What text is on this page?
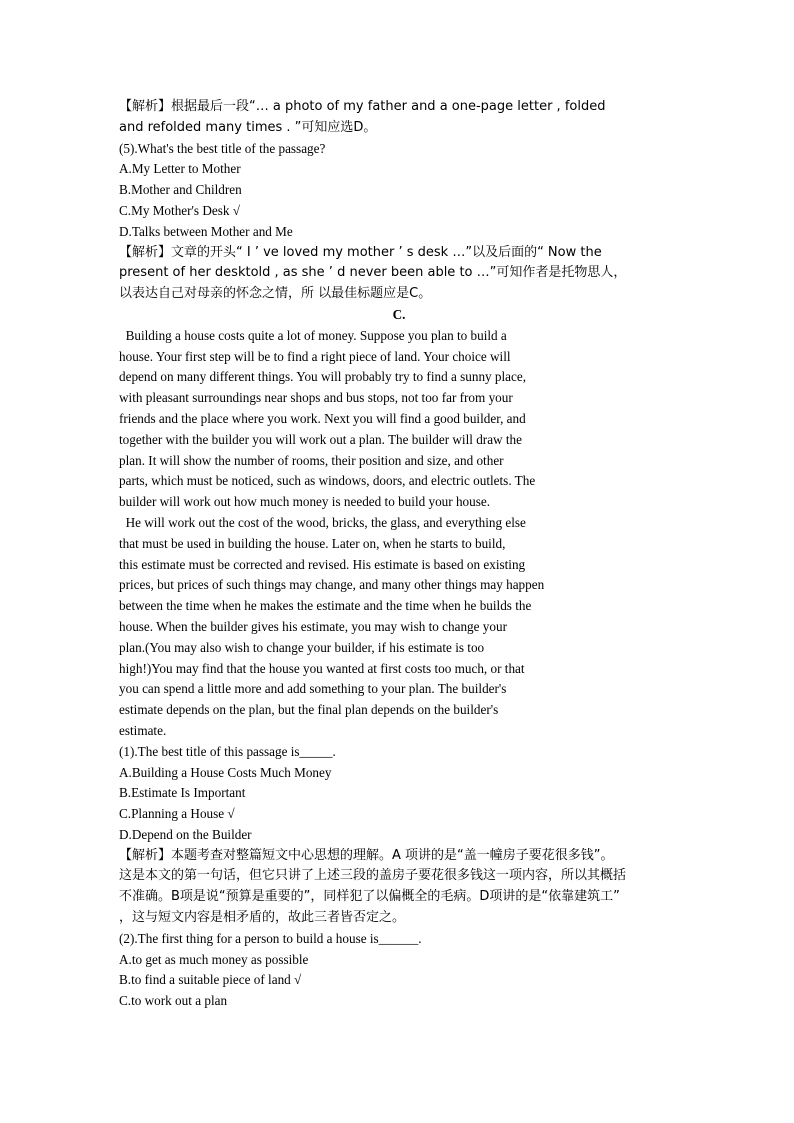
【解析】根据最后一段“… a photo of my father and a one-page letter , folded

and refolded many times . ”可知应选D。

(5).What's the best title of the passage?

A.My Letter to Mother

B.Mother and Children

C.My Mother's Desk √

D.Talks between Mother and Me

【解析】文章的开头“ I ’ ve loved my mother ’ s desk …”以及后面的“ Now the

present of her desktold , as she ’ d never been able to …”可知作者是托物思人，

以表达自己对母亲的怀念之情，所 以最佳标题应是C。

C.

Building a house costs quite a lot of money. Suppose you plan to build a

house. Your first step will be to find a right piece of land. Your choice will

depend on many different things. You will probably try to find a sunny place,

with pleasant surroundings near shops and bus stops, not too far from your

friends and the place where you work. Next you will find a good builder, and

together with the builder you will work out a plan. The builder will draw the

plan. It will show the number of rooms, their position and size, and other

parts, which must be noticed, such as windows, doors, and electric outlets. The

builder will work out how much money is needed to build your house.

He will work out the cost of the wood, bricks, the glass, and everything else

that must be used in building the house. Later on, when he starts to build,

this estimate must be corrected and revised. His estimate is based on existing

prices, but prices of such things may change, and many other things may happen

between the time when he makes the estimate and the time when he builds the

house. When the builder gives his estimate, you may wish to change your

plan.(You may also wish to change your builder, if his estimate is too

high!)You may find that the house you wanted at first costs too much, or that

you can spend a little more and add something to your plan. The builder's

estimate depends on the plan, but the final plan depends on the builder's

estimate.

(1).The best title of this passage is_____.

A.Building a House Costs Much Money

B.Estimate Is Important

C.Planning a House √

D.Depend on the Builder

【解析】本题考查对整篇短文中心思想的理解。A 项讲的是“盖一幢房子要花很多钱”。

这是本文的第一句话，但它只讲了上述三段的盖房子要花很多钱这一项内容，所以其概括

不准确。B项是说“预算是重要的”，同样犯了以偏概全的毛病。D项讲的是“依靠建筑工”

，这与短文内容是相矛盾的，故此三者皆否定之。

(2).The first thing for a person to build a house is______.

A.to get as much money as possible

B.to find a suitable piece of land √

C.to work out a plan
